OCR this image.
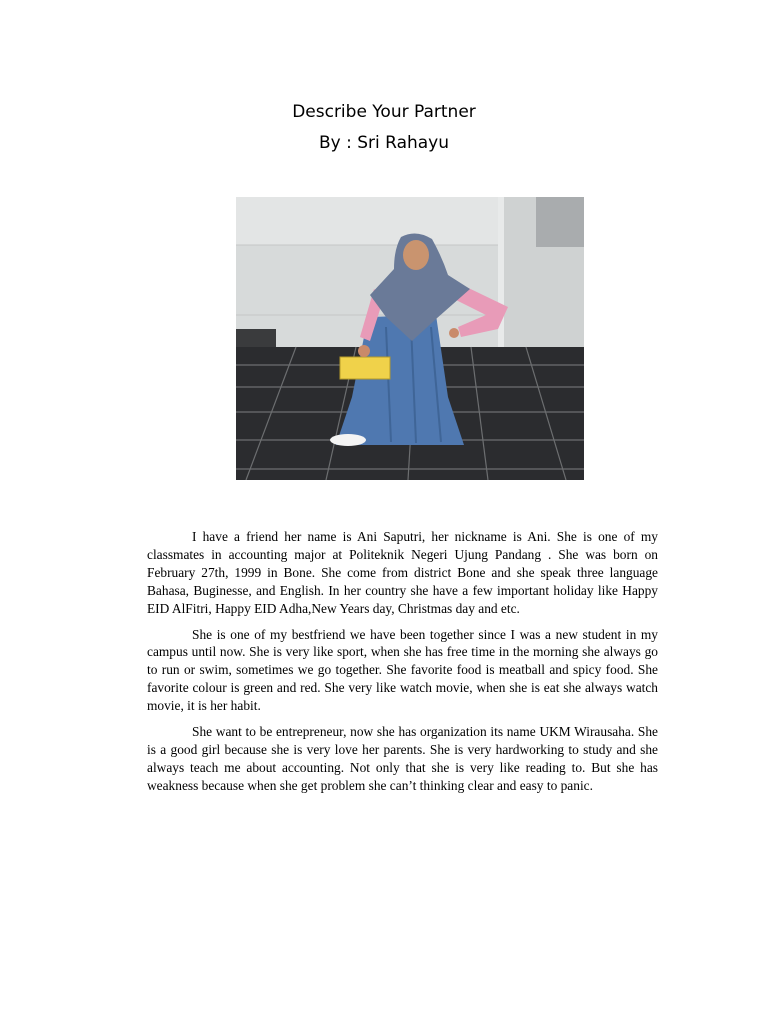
Describe Your Partner
By : Sri Rahayu

I have a friend her name is Ani Saputri, her nickname is Ani. She is one of my classmates in accounting major at Politeknik Negeri Ujung Pandang . She was born on February 27th, 1999 in Bone. She come from district Bone and she speak three language Bahasa, Buginesse, and English. In her country she have a few important holiday like Happy EID AlFitri, Happy EID Adha,New Years day, Christmas day and etc.

She is one of my bestfriend we have been together since I was a new student in my campus until now. She is very like sport, when she has free time in the morning she always go to run or swim, sometimes we go together. She favorite food is meatball and spicy food. She favorite colour is green and red. She very like watch movie, when she is eat she always watch movie, it is her habit.

She want to be entrepreneur, now she has organization its name UKM Wirausaha. She is a good girl because she is very love her parents. She is very hardworking to study and she always teach me about accounting. Not only that she is very like reading to. But she has weakness because when she get problem she can’t thinking clear and easy to panic.
